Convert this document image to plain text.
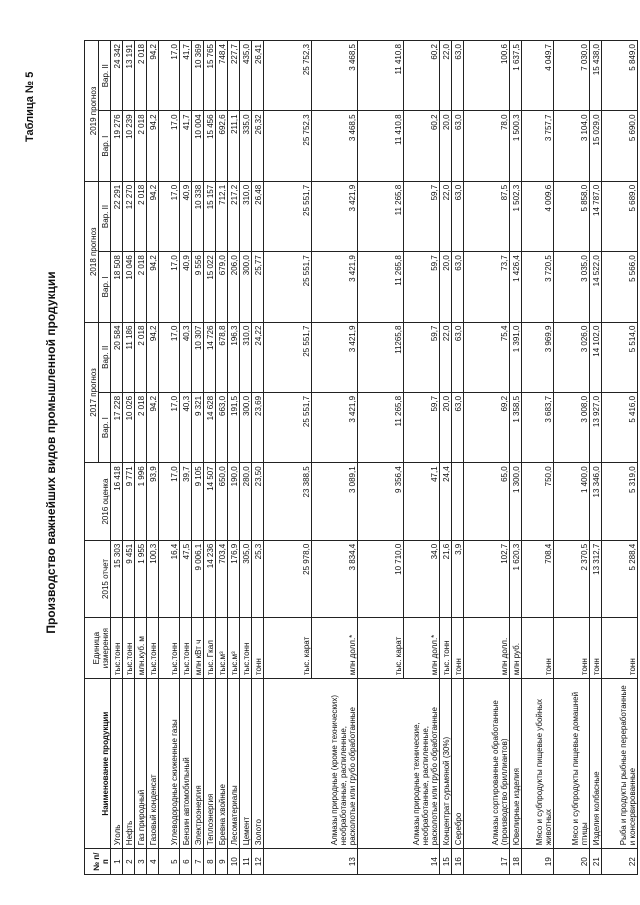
Таблица № 5
Производство важнейших видов промышленной продукции
№ п/п	Наименование продукции	Единица измерения	2015 отчет	2016 оценка	2017 прогноз		2018 прогноз		2019 прогноз	
					Вар. I	Вар. II	Вар. I	Вар. II	Вар. I	Вар. II
1	Уголь	тыс.тонн	15 303	16 418	17 228	20 584	18 508	22 291	19 276	24 342
2	Нефть	тыс.тонн	9 451	9 771	10 026	11 186	10 046	12 270	10 239	13 191
3	Газ природный	млн.куб. м	1 955	1 996	2 018	2 018	2 018	2 018	2 018	2 018
4	Газовый конденсат	тыс.тонн	100,3	93,9	94,2	94,2	94,2	94,2	94,2	94,2
5	Углеводородные сжиженные газы	тыс.тонн	16,4	17,0	17,0	17,0	17,0	17,0	17,0	17,0
6	Бензин автомобильный	тыс.тонн	47,5	39,7	40,3	40,3	40,9	40,9	41,7	41,7
7	Электроэнергия	млн кВт ч	9 006,1	9 105	9 321	10 307	9 556	10 338	10 004	10 369
8	Теплоэнергия	тыс. Гкал	14 236	14 507	14 628	14 726	15 022	15 157	15 456	15 765
9	Бревна хвойные	тыс.м³	703,4	650,0	663,0	678,8	679,0	712,1	692,6	748,4
10	Лесоматериалы	тыс.м³	176,9	190,0	191,5	196,3	206,0	217,2	211,1	227,7
11	Цемент	тыс.тонн	305,0	280,0	300,0	310,0	300,0	310,0	335,0	435,0
12	Золото	тонн	25,3	23,50	23,69	24,22	25,77	26,48	26,32	26,41
13	Алмазы природные (кроме технических) необработанные, распиленные, расколотые или грубо обработанные	тыс. карат	25 978,0	23 388,5	25 551,7	25 551,7	25 551,7	25 551,7	25 752,3	25 752,3
		млн долл.*	3 834,4	3 089,1	3 421,9	3 421,9	3 421,9	3 421,9	3 468,5	3 468,5
14	Алмазы природные технические, необработанные, распиленные, расколотые или грубо обработанные	тыс. карат	10 710,0	9 356,4	11 265,8	11265,8	11 265,8	11 265,8	11 410,8	11 410,8
		млн долл.*	34,0	47,1	59,7	59,7	59,7	59,7	60,2	60,2
15	Концентрат сурьмяной (30%)	тыс. тонн	21,6	24,4	20,0	22,0	20,0	22,0	20,0	22,0
16	Серебро	тонн	3,9		63,0	63,0	63,0	63,0	63,0	63,0
17	Алмазы сортированные обработанные (производство бриллиантов)	млн долл.	102,7	65,0	69,2	75,4	73,7	87,5	78,0	100,6
18	Ювелирные изделия	млн руб.	1 620,3	1 300,0	1 358,5	1 391,0	1 426,4	1 502,3	1 500,3	1 637,5
19	Мясо и субпродукты пищевые убойных животных	тонн	708,4	750,0	3 683,7	3 969,9	3 720,5	4 009,6	3 757,7	4 049,7
20	Мясо и субпродукты пищевые домашней птицы	тонн	2 370,5	1 400,0	3 008,0	3 026,0	3 035,0	5 858,0	3 104,0	7 030,0
21	Изделия колбасные	тонн	13 312,7	13 346,0	13 927,0	14 102,0	14 522,0	14 787,0	15 029,0	15 438,0
22	Рыба и продукты рыбные переработанные и консервированные	тонн	5 288,4	5 319,0	5 416,0	5 514,0	5 566,0	5 689,0	5 690,0	5 849,0
